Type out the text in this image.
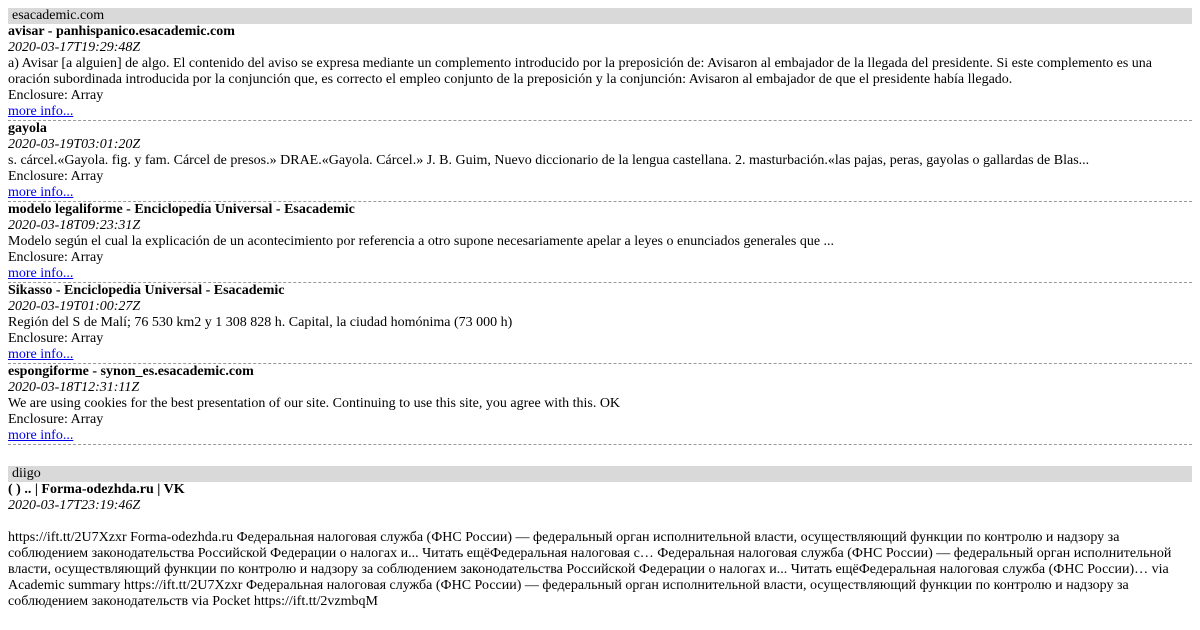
esacademic.com
avisar - panhispanico.esacademic.com
2020-03-17T19:29:48Z
a) Avisar [a alguien] de algo. El contenido del aviso se expresa mediante un complemento introducido por la preposición de: Avisaron al embajador de la llegada del presidente. Si este complemento es una oración subordinada introducida por la conjunción que, es correcto el empleo conjunto de la preposición y la conjunción: Avisaron al embajador de que el presidente había llegado.
Enclosure: Array
more info...
gayola
2020-03-19T03:01:20Z
s. cárcel.«Gayola. fig. y fam. Cárcel de presos.» DRAE.«Gayola. Cárcel.» J. B. Guim, Nuevo diccionario de la lengua castellana. 2. masturbación.«las pajas, peras, gayolas o gallardas de Blas...
Enclosure: Array
more info...
modelo legaliforme - Enciclopedia Universal - Esacademic
2020-03-18T09:23:31Z
Modelo según el cual la explicación de un acontecimiento por referencia a otro supone necesariamente apelar a leyes o enunciados generales que ...
Enclosure: Array
more info...
Sikasso - Enciclopedia Universal - Esacademic
2020-03-19T01:00:27Z
Región del S de Malí; 76 530 km2 y 1 308 828 h. Capital, la ciudad homónima (73 000 h)
Enclosure: Array
more info...
espongiforme - synon_es.esacademic.com
2020-03-18T12:31:11Z
We are using cookies for the best presentation of our site. Continuing to use this site, you agree with this. OK
Enclosure: Array
more info...
diigo
( ) .. | Forma-odezhda.ru | VK
2020-03-17T23:19:46Z
https://ift.tt/2U7Xzxr Forma-odezhda.ru Федеральная налоговая служба (ФНС России) — федеральный орган исполнительной власти, осуществляющий функции по контролю и надзору за соблюдением законодательства Российской Федерации о налогах и... Читать ещёФедеральная налоговая с… Федеральная налоговая служба (ФНС России) — федеральный орган исполнительной власти, осуществляющий функции по контролю и надзору за соблюдением законодательства Российской Федерации о налогах и... Читать ещёФедеральная налоговая служба (ФНС России)… via Academic summary https://ift.tt/2U7Xzxr Федеральная налоговая служба (ФНС России) — федеральный орган исполнительной власти, осуществляющий функции по контролю и надзору за соблюдением законодательств via Pocket https://ift.tt/2vzmbqM
